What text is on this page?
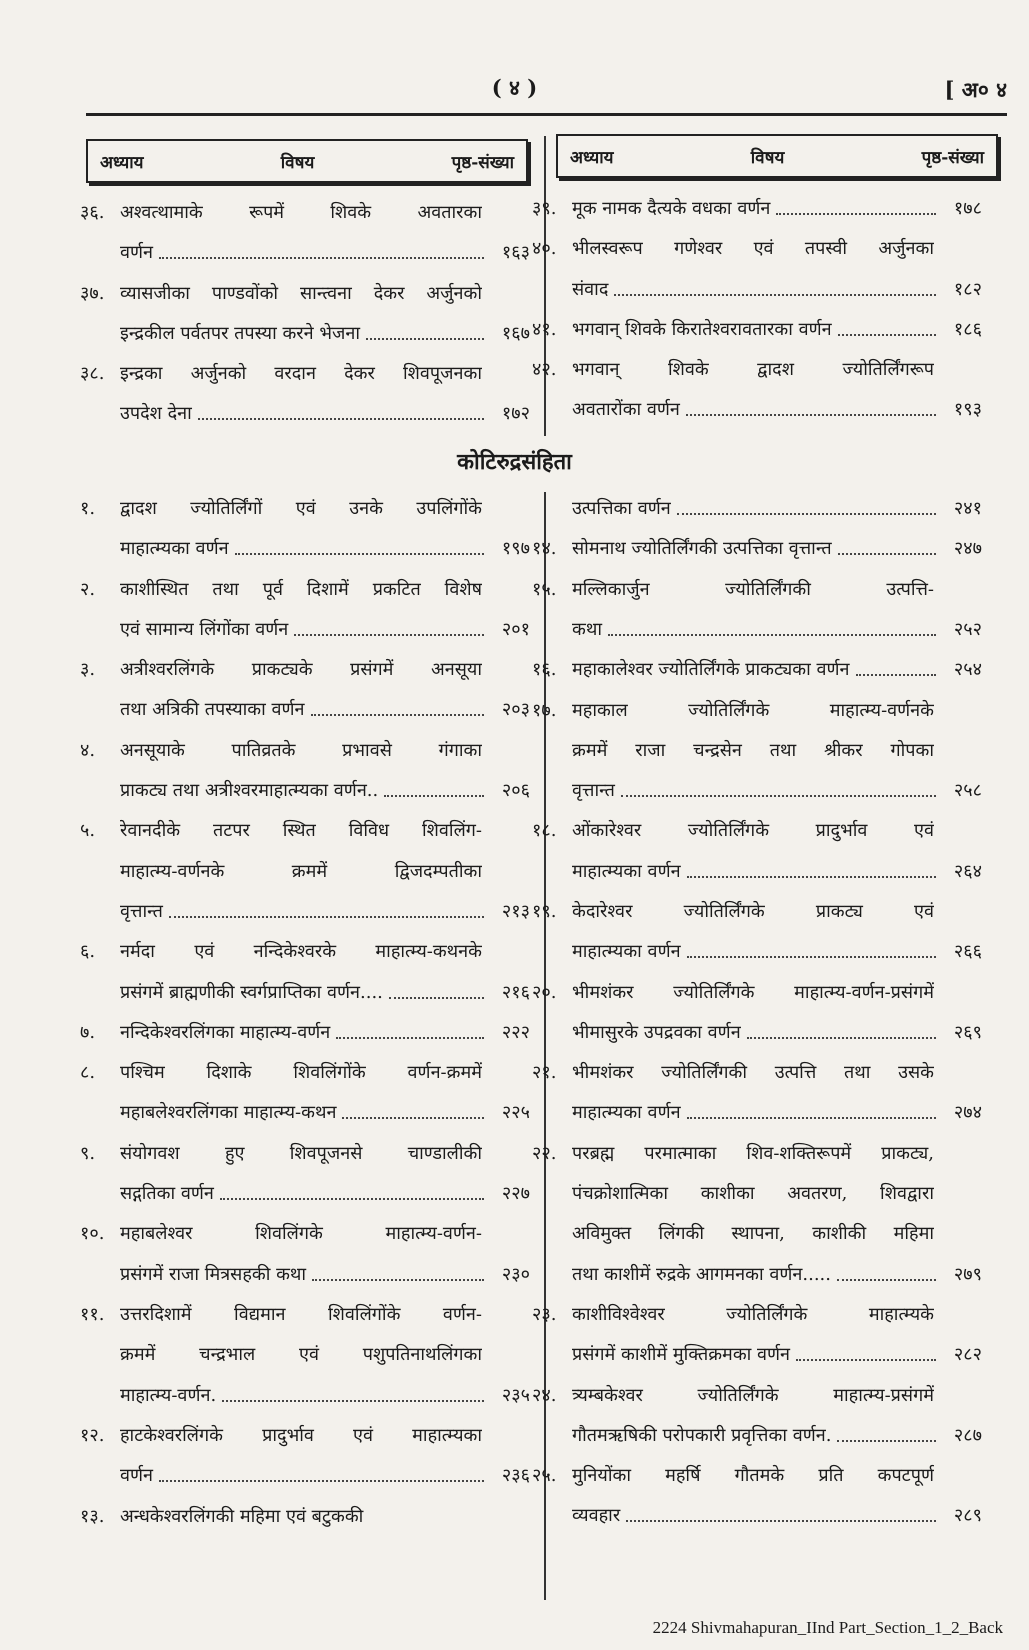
( ४ )	[ अ० ४
अध्याय	विषय	पृष्ठ-संख्या	अध्याय	विषय	पृष्ठ-संख्या
३६. अश्वत्थामाके रूपमें शिवके अवतारका
वर्णन	१६३
३७. व्यासजीका पाण्डवोंको सान्त्वना देकर अर्जुनको
इन्द्रकील पर्वतपर तपस्या करने भेजना	१६७
३८. इन्द्रका अर्जुनको वरदान देकर शिवपूजनका
उपदेश देना	१७२
३९. मूक नामक दैत्यके वधका वर्णन	१७८
४०. भीलस्वरूप गणेश्वर एवं तपस्वी अर्जुनका
संवाद	१८२
४१. भगवान् शिवके किरातेश्वरावतारका वर्णन	१८६
४२. भगवान् शिवके द्वादश ज्योतिर्लिंगरूप
अवतारोंका वर्णन	१९३
कोटिरुद्रसंहिता
१.	द्वादश ज्योतिर्लिंगों एवं उनके उपलिंगोंके
माहात्म्यका वर्णन	१९७
२.	काशीस्थित तथा पूर्व दिशामें प्रकटित विशेष
एवं सामान्य लिंगोंका वर्णन	२०१
३.	अत्रीश्वरलिंगके प्राकट्यके प्रसंगमें अनसूया
तथा अत्रिकी तपस्याका वर्णन	२०३
४.	अनसूयाके पातिव्रतके प्रभावसे गंगाका
प्राकट्य तथा अत्रीश्वरमाहात्म्यका वर्णन..	२०६
५.	रेवानदीके तटपर स्थित विविध शिवलिंग-
माहात्म्य-वर्णनके क्रममें द्विजदम्पतीका
वृत्तान्त	२१३
६.	नर्मदा एवं नन्दिकेश्वरके माहात्म्य-कथनके
प्रसंगमें ब्राह्मणीकी स्वर्गप्राप्तिका वर्णन....	२१६
७.	नन्दिकेश्वरलिंगका माहात्म्य-वर्णन	२२२
८.	पश्चिम दिशाके शिवलिंगोंके वर्णन-क्रममें
महाबलेश्वरलिंगका माहात्म्य-कथन	२२५
९.	संयोगवश हुए शिवपूजनसे चाण्डालीकी
सद्गतिका वर्णन	२२७
१०. महाबलेश्वर शिवलिंगके माहात्म्य-वर्णन-
प्रसंगमें राजा मित्रसहकी कथा	२३०
११. उत्तरदिशामें विद्यमान शिवलिंगोंके वर्णन-
क्रममें चन्द्रभाल एवं पशुपतिनाथलिंगका
माहात्म्य-वर्णन.	२३५
१२. हाटकेश्वरलिंगके प्रादुर्भाव एवं माहात्म्यका
वर्णन	२३६
१३. अन्धकेश्वरलिंगकी महिमा एवं बटुककी
उत्पत्तिका वर्णन	२४१
१४. सोमनाथ ज्योतिर्लिंगकी उत्पत्तिका वृत्तान्त	२४७
१५. मल्लिकार्जुन ज्योतिर्लिंगकी उत्पत्ति-
कथा	२५२
१६. महाकालेश्वर ज्योतिर्लिंगके प्राकट्यका वर्णन	२५४
१७. महाकाल ज्योतिर्लिंगके माहात्म्य-वर्णनके
क्रममें राजा चन्द्रसेन तथा श्रीकर गोपका
वृत्तान्त	२५८
१८. ओंकारेश्वर ज्योतिर्लिंगके प्रादुर्भाव एवं
माहात्म्यका वर्णन	२६४
१९. केदारेश्वर ज्योतिर्लिंगके प्राकट्य एवं
माहात्म्यका वर्णन	२६६
२०. भीमशंकर ज्योतिर्लिंगके माहात्म्य-वर्णन-प्रसंगमें
भीमासुरके उपद्रवका वर्णन	२६९
२१. भीमशंकर ज्योतिर्लिंगकी उत्पत्ति तथा उसके
माहात्म्यका वर्णन	२७४
२२. परब्रह्म परमात्माका शिव-शक्तिरूपमें प्राकट्य,
पंचक्रोशात्मिका काशीका अवतरण, शिवद्वारा
अविमुक्त लिंगकी स्थापना, काशीकी महिमा
तथा काशीमें रुद्रके आगमनका वर्णन.....	२७९
२३. काशीविश्वेश्वर ज्योतिर्लिंगके माहात्म्यके
प्रसंगमें काशीमें मुक्तिक्रमका वर्णन	२८२
२४. त्र्यम्बकेश्वर ज्योतिर्लिंगके माहात्म्य-प्रसंगमें
गौतमऋषिकी परोपकारी प्रवृत्तिका वर्णन.	२८७
२५. मुनियोंका महर्षि गौतमके प्रति कपटपूर्ण
व्यवहार	२८९
2224 Shivmahapuran_IInd Part_Section_1_2_Back
